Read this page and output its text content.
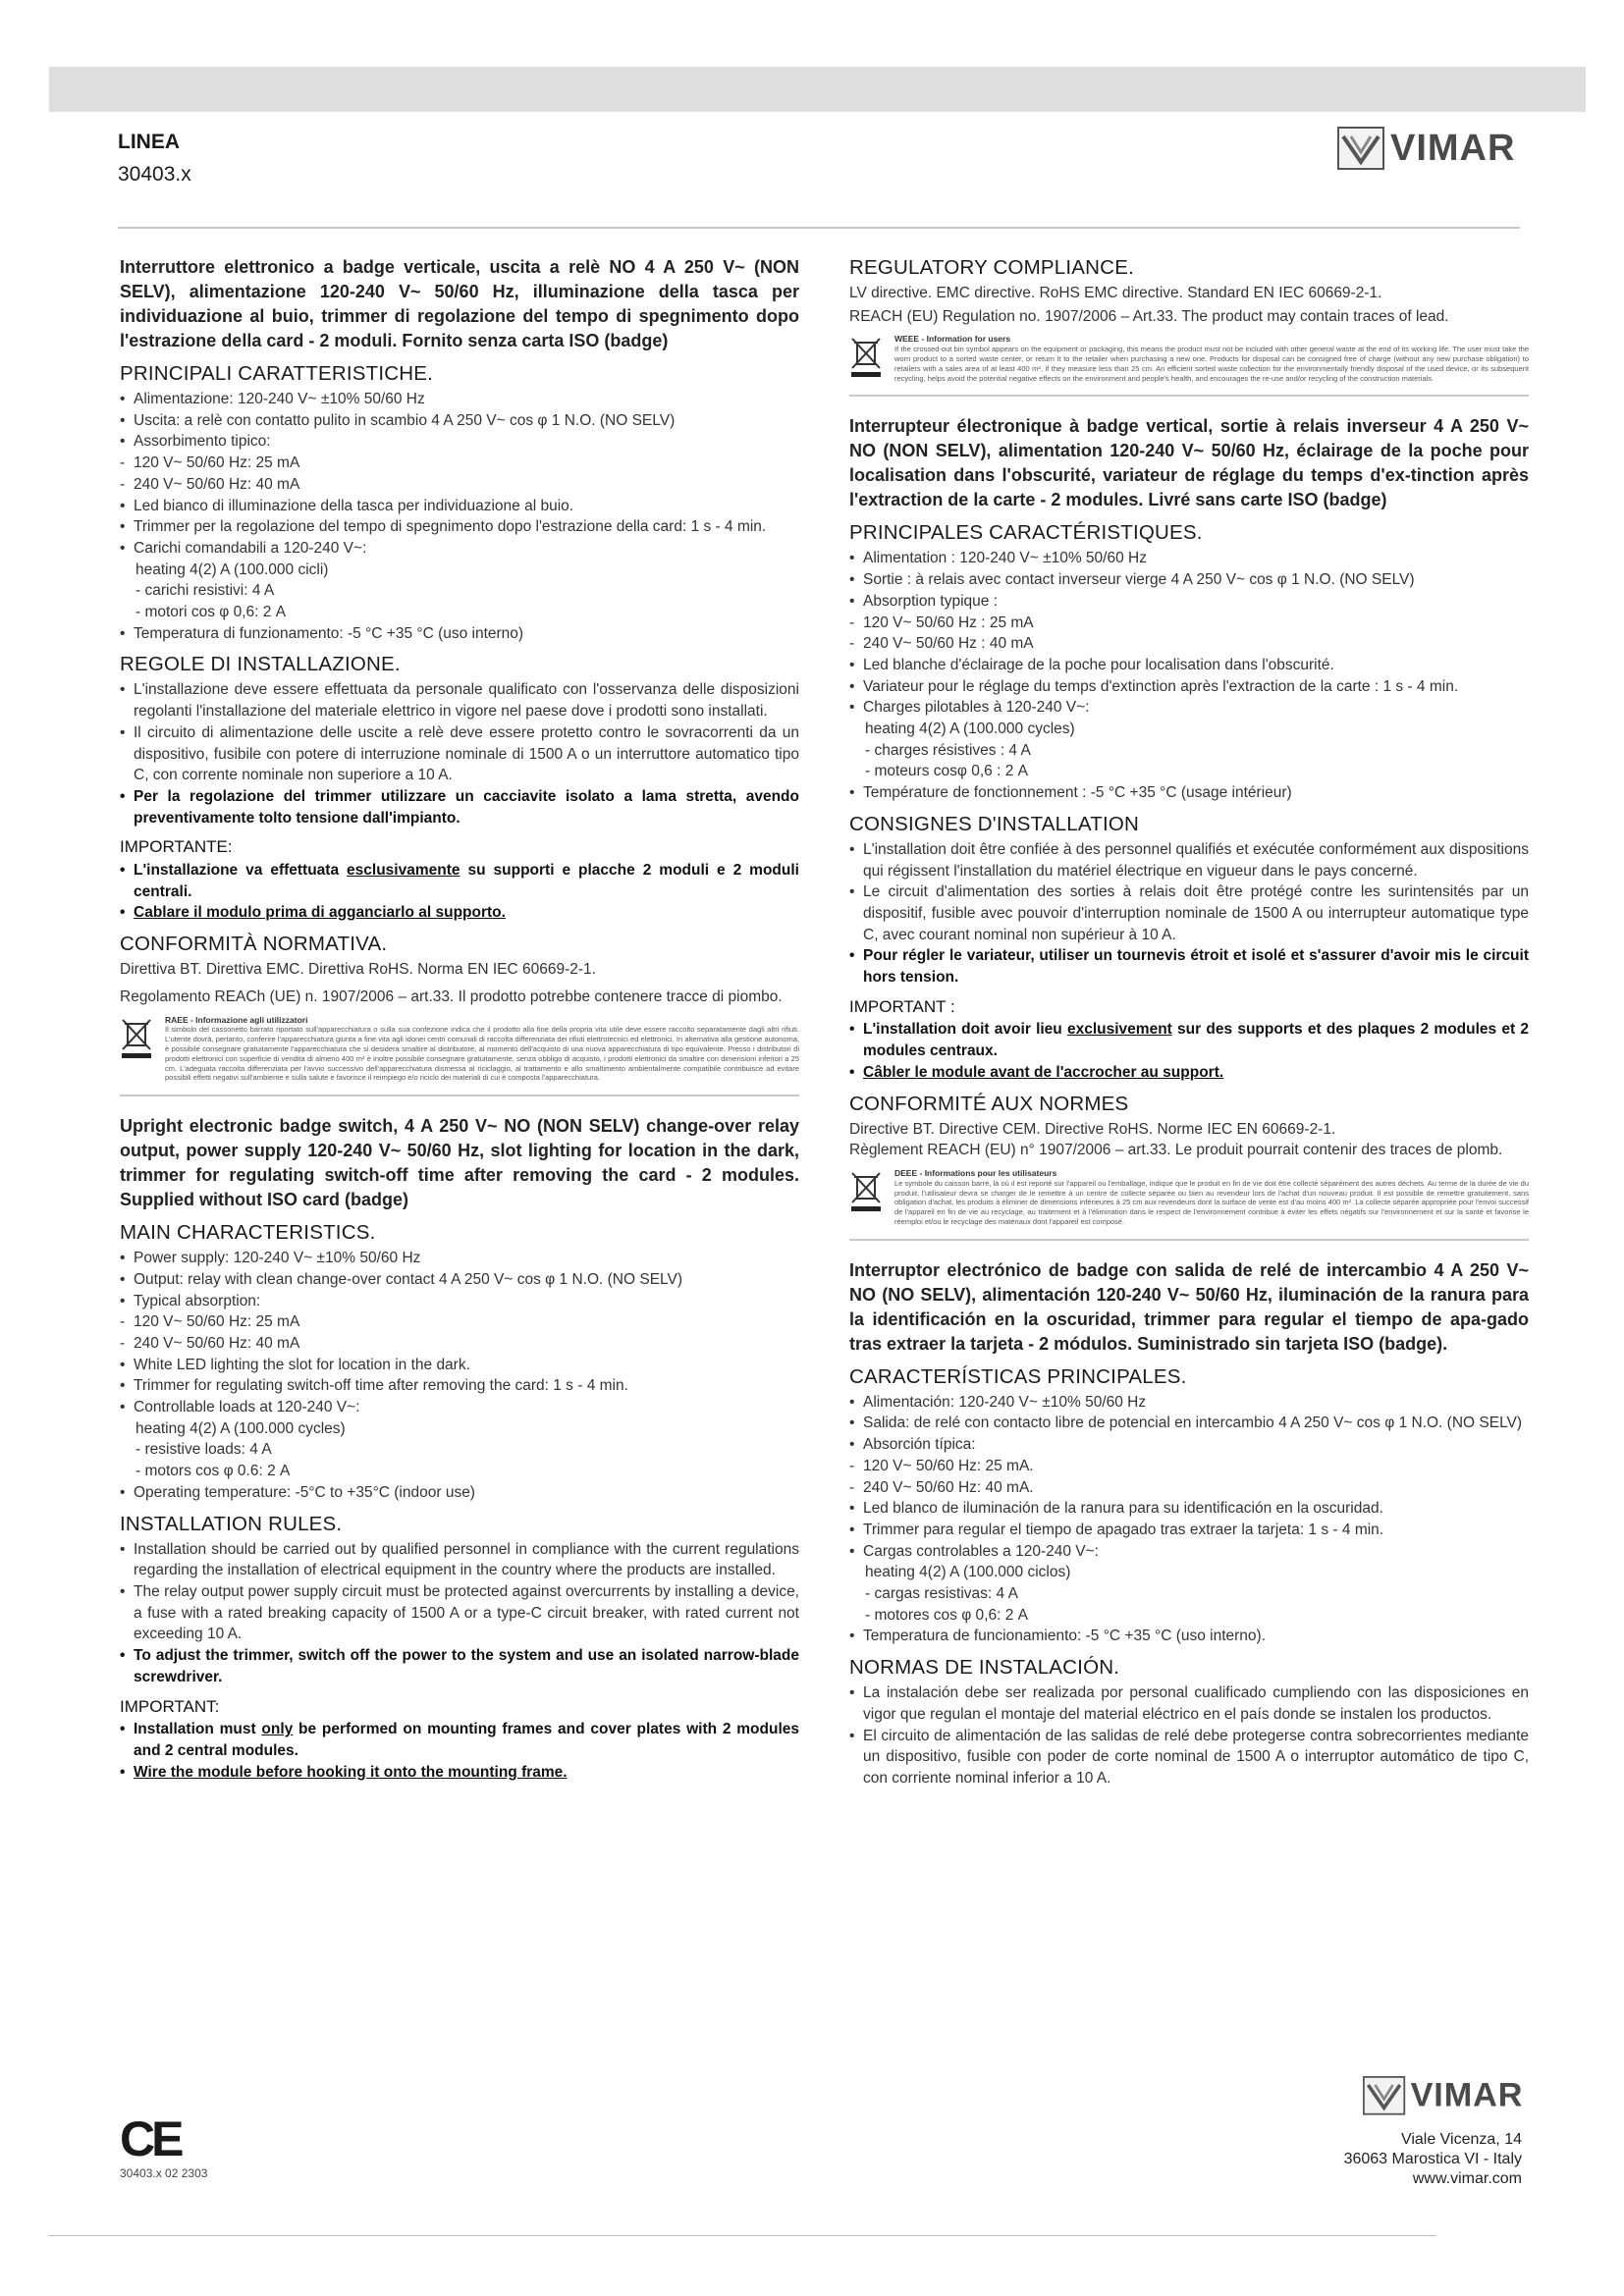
LINEA
30403.x
VIMAR

Interruttore elettronico a badge verticale, uscita a relè NO 4 A 250 V~ (NON SELV), alimentazione 120-240 V~ 50/60 Hz, illuminazione della tasca per individuazione al buio, trimmer di regolazione del tempo di spegnimento dopo l'estrazione della card - 2 moduli. Fornito senza carta ISO (badge)

PRINCIPALI CARATTERISTICHE.
• Alimentazione: 120-240 V~ ±10% 50/60 Hz
• Uscita: a relè con contatto pulito in scambio 4 A 250 V~ cos φ 1 N.O. (NO SELV)
• Assorbimento tipico:
- 120 V~ 50/60 Hz: 25 mA
- 240 V~ 50/60 Hz: 40 mA
• Led bianco di illuminazione della tasca per individuazione al buio.
• Trimmer per la regolazione del tempo di spegnimento dopo l'estrazione della card: 1 s - 4 min.
• Carichi comandabili a 120-240 V~:
heating 4(2) A (100.000 cicli)
- carichi resistivi: 4 A
- motori cos φ 0,6: 2 A
• Temperatura di funzionamento: -5 °C +35 °C (uso interno)
REGOLE DI INSTALLAZIONE.
• L'installazione deve essere effettuata da personale qualificato con l'osservanza delle disposizioni regolanti l'installazione del materiale elettrico in vigore nel paese dove i prodotti sono installati.
• Il circuito di alimentazione delle uscite a relè deve essere protetto contro le sovracorrenti da un dispositivo, fusibile con potere di interruzione nominale di 1500 A o un interruttore automatico tipo C, con corrente nominale non superiore a 10 A.
• Per la regolazione del trimmer utilizzare un cacciavite isolato a lama stretta, avendo preventivamente tolto tensione dall'impianto.
IMPORTANTE:
• L'installazione va effettuata esclusivamente su supporti e placche 2 moduli e 2 moduli centrali.
• Cablare il modulo prima di agganciarlo al supporto.
CONFORMITÀ NORMATIVA.

Direttiva BT. Direttiva EMC. Direttiva RoHS. Norma EN IEC 60669-2-1.

Regolamento REACh (UE) n. 1907/2006 – art.33. Il prodotto potrebbe contenere tracce di piombo.

RAEE - Informazione agli utilizzatori
Il simbolo del cassonetto barrato riportato sull'apparecchiatura o sulla sua confezione indica che il prodotto alla fine della propria vita utile deve essere raccolto separatamente dagli altri rifiuti. L'utente dovrà, pertanto, conferire l'apparecchiatura giunta a fine vita agli idonei centri comunali di raccolta differenziata dei rifiuti elettrotecnici ed elettronici. In alternativa alla gestione autonoma, è possibile consegnare gratuitamente l'apparecchiatura che si desidera smaltire al distributore, al momento dell'acquisto di una nuova apparecchiatura di tipo equivalente. Presso i distributori di prodotti elettronici con superficie di vendita di almeno 400 m² è inoltre possibile consegnare gratuitamente, senza obbligo di acquisto, i prodotti elettronici da smaltire con dimensioni inferiori a 25 cm. L'adeguata raccolta differenziata per l'avvio successivo dell'apparecchiatura dismessa al riciclaggio, al trattamento e allo smaltimento ambientalmente compatibile contribuisce ad evitare possibili effetti negativi sull'ambiente e sulla salute e favorisce il reimpiego e/o riciclo dei materiali di cui è composta l'apparecchiatura.

Upright electronic badge switch, 4 A 250 V~ NO (NON SELV) change-over relay output, power supply 120-240 V~ 50/60 Hz, slot lighting for location in the dark, trimmer for regulating switch-off time after removing the card - 2 modules. Supplied without ISO card (badge)

MAIN CHARACTERISTICS.
• Power supply: 120-240 V~ ±10% 50/60 Hz
• Output: relay with clean change-over contact 4 A 250 V~ cos φ 1 N.O. (NO SELV)
• Typical absorption:
- 120 V~ 50/60 Hz: 25 mA
- 240 V~ 50/60 Hz: 40 mA
• White LED lighting the slot for location in the dark.
• Trimmer for regulating switch-off time after removing the card: 1 s - 4 min.
• Controllable loads at 120-240 V~:
heating 4(2) A (100.000 cycles)
- resistive loads: 4 A
- motors cos φ 0.6: 2 A
• Operating temperature: -5°C to +35°C (indoor use)
INSTALLATION RULES.
• Installation should be carried out by qualified personnel in compliance with the current regulations regarding the installation of electrical equipment in the country where the products are installed.
• The relay output power supply circuit must be protected against overcurrents by installing a device, a fuse with a rated breaking capacity of 1500 A or a type-C circuit breaker, with rated current not exceeding 10 A.
• To adjust the trimmer, switch off the power to the system and use an isolated narrow-blade screwdriver.
IMPORTANT:
• Installation must only be performed on mounting frames and cover plates with 2 modules and 2 central modules.
• Wire the module before hooking it onto the mounting frame.
REGULATORY COMPLIANCE.

LV directive. EMC directive. RoHS EMC directive. Standard EN IEC 60669-2-1.

REACH (EU) Regulation no. 1907/2006 – Art.33. The product may contain traces of lead.

WEEE - Information for users
If the crossed-out bin symbol appears on the equipment or packaging, this means the product must not be included with other general waste at the end of its working life. The user must take the worn product to a sorted waste center, or return it to the retailer when purchasing a new one. Products for disposal can be consigned free of charge (without any new purchase obligation) to retailers with a sales area of at least 400 m², if they measure less than 25 cm. An efficient sorted waste collection for the environmentally friendly disposal of the used device, or its subsequent recycling, helps avoid the potential negative effects on the environment and people's health, and encourages the re-use and/or recycling of the construction materials.

Interrupteur électronique à badge vertical, sortie à relais inverseur 4 A 250 V~ NO (NON SELV), alimentation 120-240 V~ 50/60 Hz, éclairage de la poche pour localisation dans l'obscurité, variateur de réglage du temps d'ex-tinction après l'extraction de la carte - 2 modules. Livré sans carte ISO (badge)

PRINCIPALES CARACTÉRISTIQUES.
• Alimentation : 120-240 V~ ±10% 50/60 Hz
• Sortie : à relais avec contact inverseur vierge 4 A 250 V~ cos φ 1 N.O. (NO SELV)
• Absorption typique :
- 120 V~ 50/60 Hz : 25 mA
- 240 V~ 50/60 Hz : 40 mA
• Led blanche d'éclairage de la poche pour localisation dans l'obscurité.
• Variateur pour le réglage du temps d'extinction après l'extraction de la carte : 1 s - 4 min.
• Charges pilotables à 120-240 V~:
heating 4(2) A (100.000 cycles)
- charges résistives : 4 A
- moteurs cosφ 0,6 : 2 A
• Température de fonctionnement : -5 °C +35 °C (usage intérieur)
CONSIGNES D'INSTALLATION
• L'installation doit être confiée à des personnel qualifiés et exécutée conformément aux dispositions qui régissent l'installation du matériel électrique en vigueur dans le pays concerné.
• Le circuit d'alimentation des sorties à relais doit être protégé contre les surintensités par un dispositif, fusible avec pouvoir d'interruption nominale de 1500 A ou interrupteur automatique type C, avec courant nominal non supérieur à 10 A.
• Pour régler le variateur, utiliser un tournevis étroit et isolé et s'assurer d'avoir mis le circuit hors tension.
IMPORTANT :
• L'installation doit avoir lieu exclusivement sur des supports et des plaques 2 modules et 2 modules centraux.
• Câbler le module avant de l'accrocher au support.
CONFORMITÉ AUX NORMES

Directive BT. Directive CEM. Directive RoHS. Norme IEC EN 60669-2-1.

Règlement REACH (EU) n° 1907/2006 – art.33. Le produit pourrait contenir des traces de plomb.

DEEE - Informations pour les utilisateurs
Le symbole du caisson barré, là où il est reporté sur l'appareil ou l'emballage, indique que le produit en fin de vie doit être collecté séparément des autres déchets. Au terme de la durée de vie du produit, l'utilisateur devra se charger de le remettre à un centre de collecte séparée ou bien au revendeur lors de l'achat d'un nouveau produit. Il est possible de remettre gratuitement, sans obligation d'achat, les produits à éliminer de dimensions inférieures à 25 cm aux revendeurs dont la surface de vente est d'au moins 400 m². La collecte séparée appropriée pour l'envoi successif de l'appareil en fin de vie au recyclage, au traitement et à l'élimination dans le respect de l'environnement contribue à éviter les effets négatifs sur l'environnement et sur la santé et favorise le réemploi et/ou le recyclage des matériaux dont l'appareil est composé.

Interruptor electrónico de badge con salida de relé de intercambio 4 A 250 V~ NO (NO SELV), alimentación 120-240 V~ 50/60 Hz, iluminación de la ranura para la identificación en la oscuridad, trimmer para regular el tiempo de apa-gado tras extraer la tarjeta - 2 módulos. Suministrado sin tarjeta ISO (badge).

CARACTERÍSTICAS PRINCIPALES.
• Alimentación: 120-240 V~ ±10% 50/60 Hz
• Salida: de relé con contacto libre de potencial en intercambio 4 A 250 V~ cos φ 1 N.O. (NO SELV)
• Absorción típica:
- 120 V~ 50/60 Hz: 25 mA.
- 240 V~ 50/60 Hz: 40 mA.
• Led blanco de iluminación de la ranura para su identificación en la oscuridad.
• Trimmer para regular el tiempo de apagado tras extraer la tarjeta: 1 s - 4 min.
• Cargas controlables a 120-240 V~:
heating 4(2) A (100.000 ciclos)
- cargas resistivas: 4 A
- motores cos φ 0,6: 2 A
• Temperatura de funcionamiento: -5 °C +35 °C (uso interno).
NORMAS DE INSTALACIÓN.
• La instalación debe ser realizada por personal cualificado cumpliendo con las disposiciones en vigor que regulan el montaje del material eléctrico en el país donde se instalen los productos.
• El circuito de alimentación de las salidas de relé debe protegerse contra sobrecorrientes mediante un dispositivo, fusible con poder de corte nominal de 1500 A o interruptor automático de tipo C, con corriente nominal inferior a 10 A.
CE
30403.x 02 2303
VIMAR
Viale Vicenza, 14
36063 Marostica VI - Italy
www.vimar.com
